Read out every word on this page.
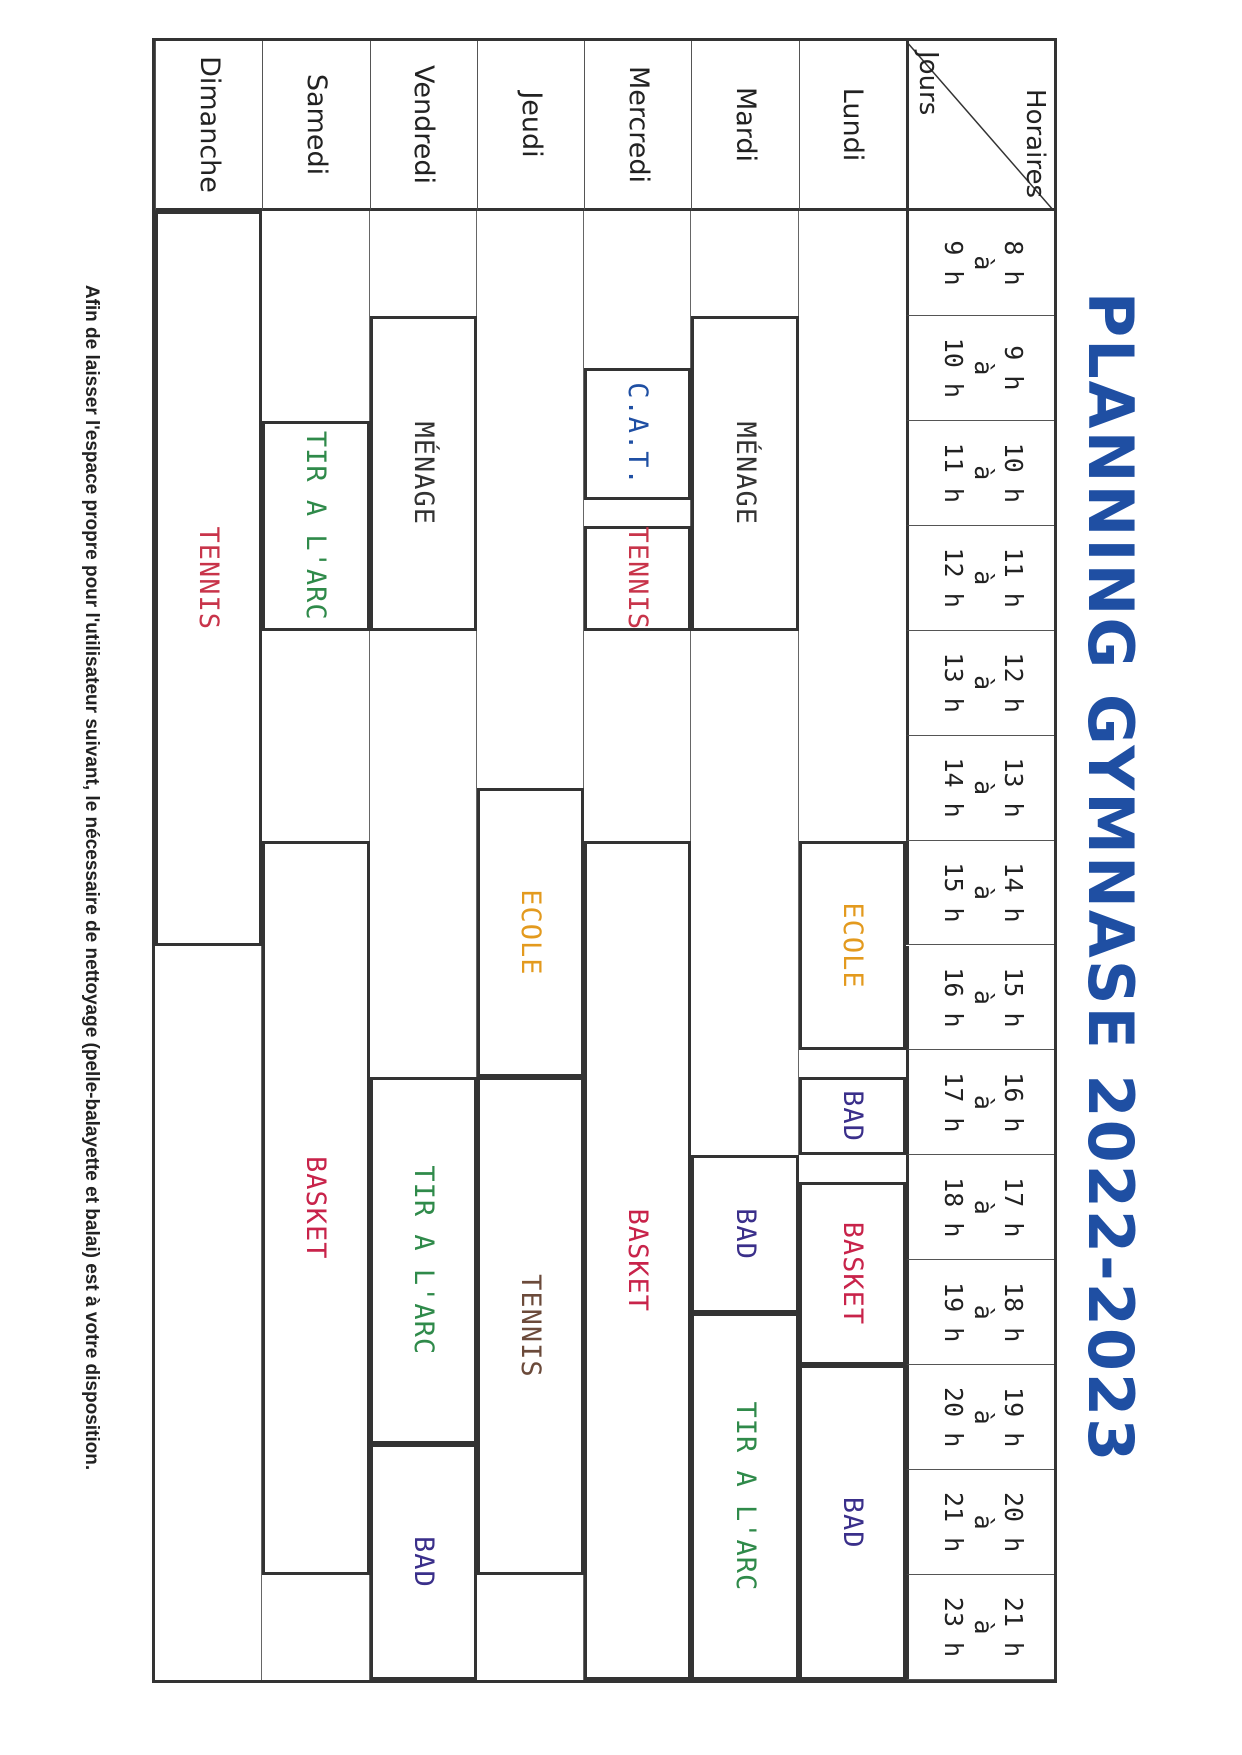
PLANNING GYMNASE 2022-2023
Horaires
Jours
8 h
à
9 h
9 h
à
10 h
10 h
à
11 h
11 h
à
12 h
12 h
à
13 h
13 h
à
14 h
14 h
à
15 h
15 h
à
16 h
16 h
à
17 h
17 h
à
18 h
18 h
à
19 h
19 h
à
20 h
20 h
à
21 h
21 h
à
23 h
Lundi
Mardi
Mercredi
Jeudi
Vendredi
Samedi
Dimanche
ECOLE
BAD
BASKET
BAD
MÉNAGE
BAD
TIR A L'ARC
C.A.T.
TENNIS
BASKET
ECOLE
TENNIS
MÉNAGE
TIR A L'ARC
BAD
TIR A L'ARC
BASKET
TENNIS
Afin de laisser l'espace propre pour l'utilisateur suivant, le nécessaire de nettoyage (pelle-balayette et balai) est à votre disposition.
